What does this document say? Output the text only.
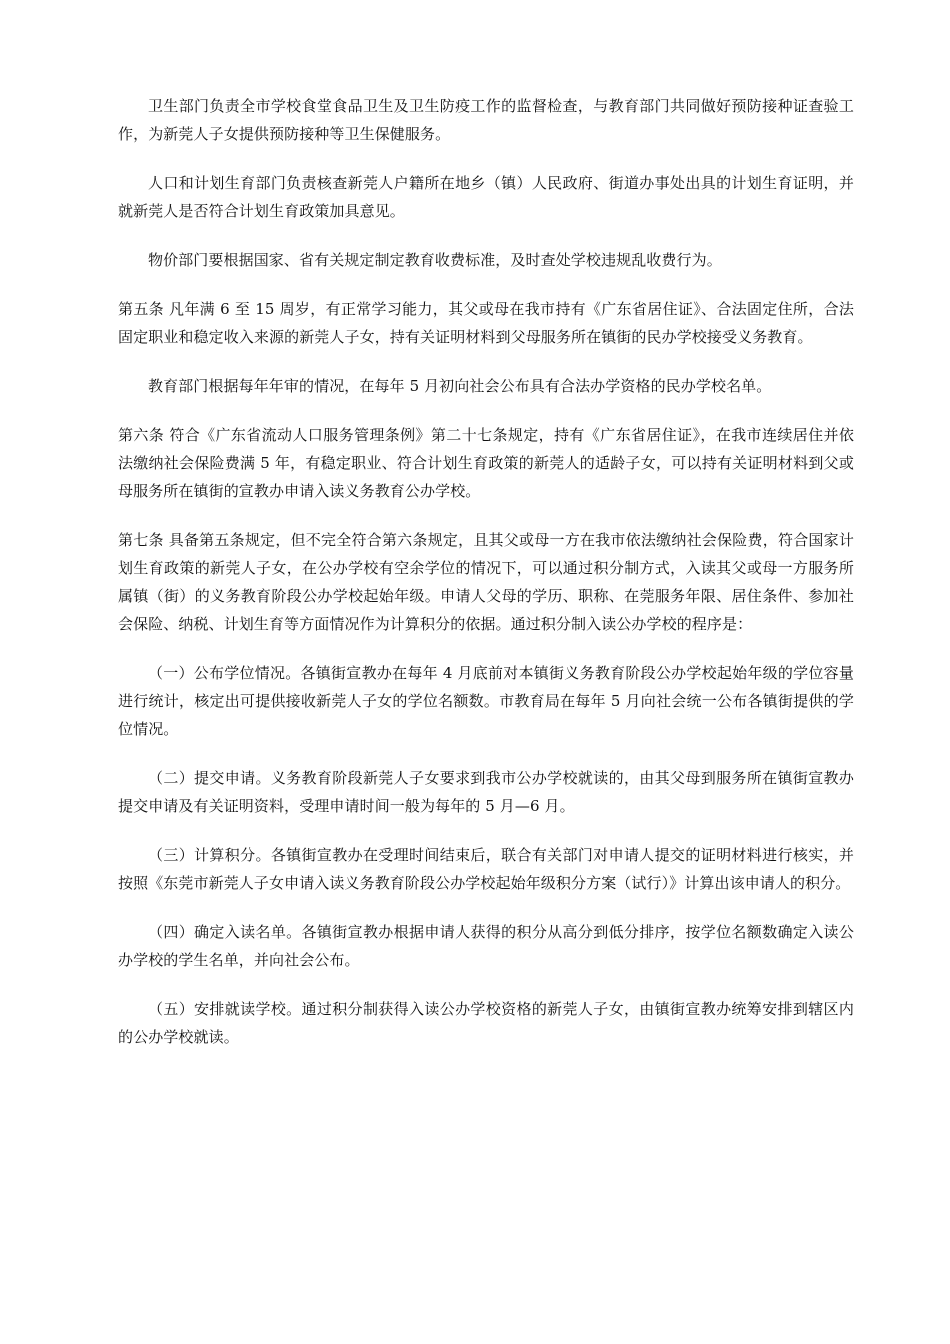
卫生部门负责全市学校食堂食品卫生及卫生防疫工作的监督检查，与教育部门共同做好预防接种证查验工作，为新莞人子女提供预防接种等卫生保健服务。

人口和计划生育部门负责核查新莞人户籍所在地乡（镇）人民政府、街道办事处出具的计划生育证明，并就新莞人是否符合计划生育政策加具意见。

物价部门要根据国家、省有关规定制定教育收费标准，及时查处学校违规乱收费行为。

第五条 凡年满 6 至 15 周岁，有正常学习能力，其父或母在我市持有《广东省居住证》、合法固定住所，合法固定职业和稳定收入来源的新莞人子女，持有关证明材料到父母服务所在镇街的民办学校接受义务教育。

教育部门根据每年年审的情况，在每年 5 月初向社会公布具有合法办学资格的民办学校名单。

第六条 符合《广东省流动人口服务管理条例》第二十七条规定，持有《广东省居住证》，在我市连续居住并依法缴纳社会保险费满 5 年，有稳定职业、符合计划生育政策的新莞人的适龄子女，可以持有关证明材料到父或母服务所在镇街的宣教办申请入读义务教育公办学校。

第七条 具备第五条规定，但不完全符合第六条规定，且其父或母一方在我市依法缴纳社会保险费，符合国家计划生育政策的新莞人子女，在公办学校有空余学位的情况下，可以通过积分制方式，入读其父或母一方服务所属镇（街）的义务教育阶段公办学校起始年级。申请人父母的学历、职称、在莞服务年限、居住条件、参加社会保险、纳税、计划生育等方面情况作为计算积分的依据。通过积分制入读公办学校的程序是：

（一）公布学位情况。各镇街宣教办在每年 4 月底前对本镇街义务教育阶段公办学校起始年级的学位容量进行统计，核定出可提供接收新莞人子女的学位名额数。市教育局在每年 5 月向社会统一公布各镇街提供的学位情况。

（二）提交申请。义务教育阶段新莞人子女要求到我市公办学校就读的，由其父母到服务所在镇街宣教办提交申请及有关证明资料，受理申请时间一般为每年的 5 月—6 月。

（三）计算积分。各镇街宣教办在受理时间结束后，联合有关部门对申请人提交的证明材料进行核实，并按照《东莞市新莞人子女申请入读义务教育阶段公办学校起始年级积分方案（试行）》计算出该申请人的积分。

（四）确定入读名单。各镇街宣教办根据申请人获得的积分从高分到低分排序，按学位名额数确定入读公办学校的学生名单，并向社会公布。

（五）安排就读学校。通过积分制获得入读公办学校资格的新莞人子女，由镇街宣教办统筹安排到辖区内的公办学校就读。
